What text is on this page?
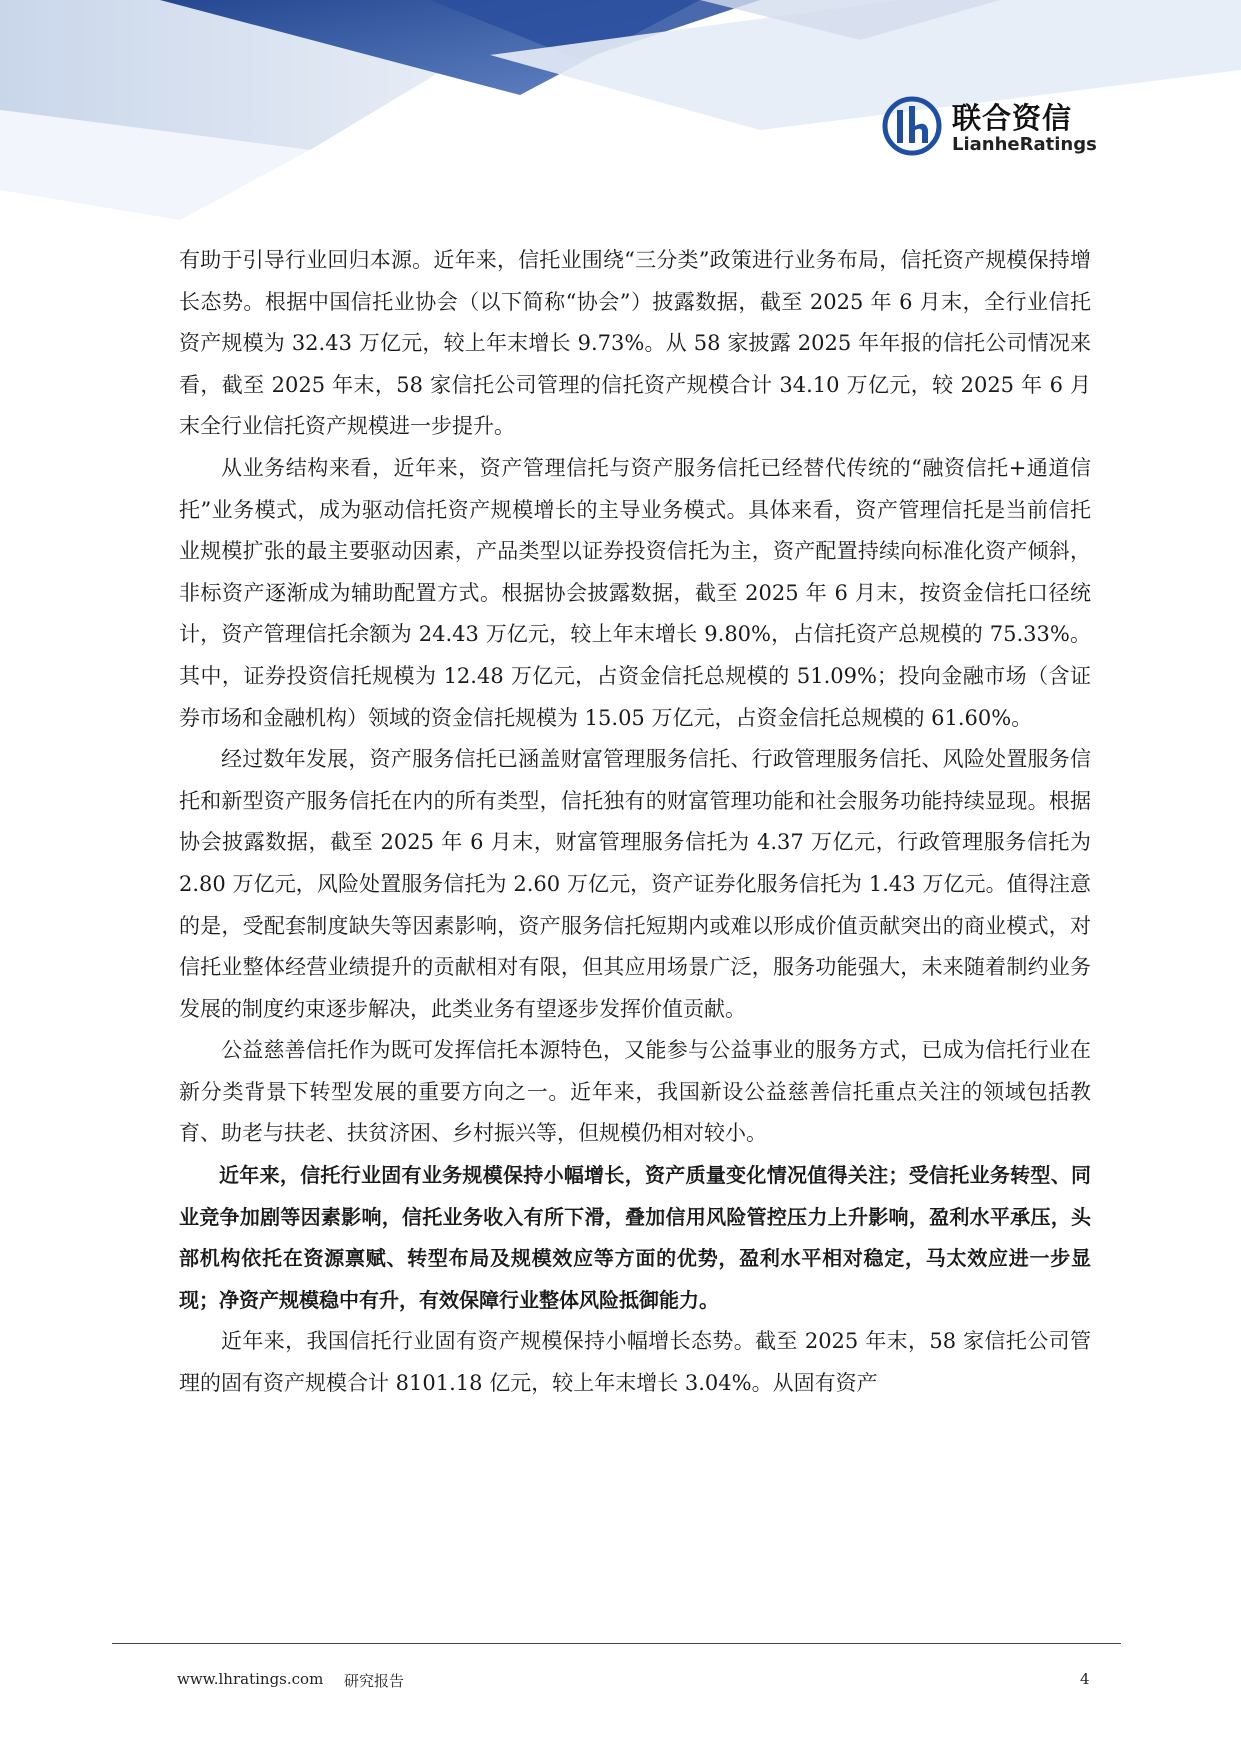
联合资信
LianheRatings

有助于引导行业回归本源。近年来，信托业围绕“三分类”政策进行业务布局，信托资产规模保持增长态势。根据中国信托业协会（以下简称“协会”）披露数据，截至 2025 年 6 月末，全行业信托资产规模为 32.43 万亿元，较上年末增长 9.73%。从 58 家披露 2025 年年报的信托公司情况来看，截至 2025 年末，58 家信托公司管理的信托资产规模合计 34.10 万亿元，较 2025 年 6 月末全行业信托资产规模进一步提升。

从业务结构来看，近年来，资产管理信托与资产服务信托已经替代传统的“融资信托+通道信托”业务模式，成为驱动信托资产规模增长的主导业务模式。具体来看，资产管理信托是当前信托业规模扩张的最主要驱动因素，产品类型以证券投资信托为主，资产配置持续向标准化资产倾斜，非标资产逐渐成为辅助配置方式。根据协会披露数据，截至 2025 年 6 月末，按资金信托口径统计，资产管理信托余额为 24.43 万亿元，较上年末增长 9.80%，占信托资产总规模的 75.33%。其中，证券投资信托规模为 12.48 万亿元，占资金信托总规模的 51.09%；投向金融市场（含证券市场和金融机构）领域的资金信托规模为 15.05 万亿元，占资金信托总规模的 61.60%。

经过数年发展，资产服务信托已涵盖财富管理服务信托、行政管理服务信托、风险处置服务信托和新型资产服务信托在内的所有类型，信托独有的财富管理功能和社会服务功能持续显现。根据协会披露数据，截至 2025 年 6 月末，财富管理服务信托为 4.37 万亿元，行政管理服务信托为 2.80 万亿元，风险处置服务信托为 2.60 万亿元，资产证券化服务信托为 1.43 万亿元。值得注意的是，受配套制度缺失等因素影响，资产服务信托短期内或难以形成价值贡献突出的商业模式，对信托业整体经营业绩提升的贡献相对有限，但其应用场景广泛，服务功能强大，未来随着制约业务发展的制度约束逐步解决，此类业务有望逐步发挥价值贡献。

公益慈善信托作为既可发挥信托本源特色，又能参与公益事业的服务方式，已成为信托行业在新分类背景下转型发展的重要方向之一。近年来，我国新设公益慈善信托重点关注的领域包括教育、助老与扶老、扶贫济困、乡村振兴等，但规模仍相对较小。

近年来，信托行业固有业务规模保持小幅增长，资产质量变化情况值得关注；受信托业务转型、同业竞争加剧等因素影响，信托业务收入有所下滑，叠加信用风险管控压力上升影响，盈利水平承压，头部机构依托在资源禀赋、转型布局及规模效应等方面的优势，盈利水平相对稳定，马太效应进一步显现；净资产规模稳中有升，有效保障行业整体风险抵御能力。

近年来，我国信托行业固有资产规模保持小幅增长态势。截至 2025 年末，58 家信托公司管理的固有资产规模合计 8101.18 亿元，较上年末增长 3.04%。从固有资产

www.lhratings.com 研究报告	4
